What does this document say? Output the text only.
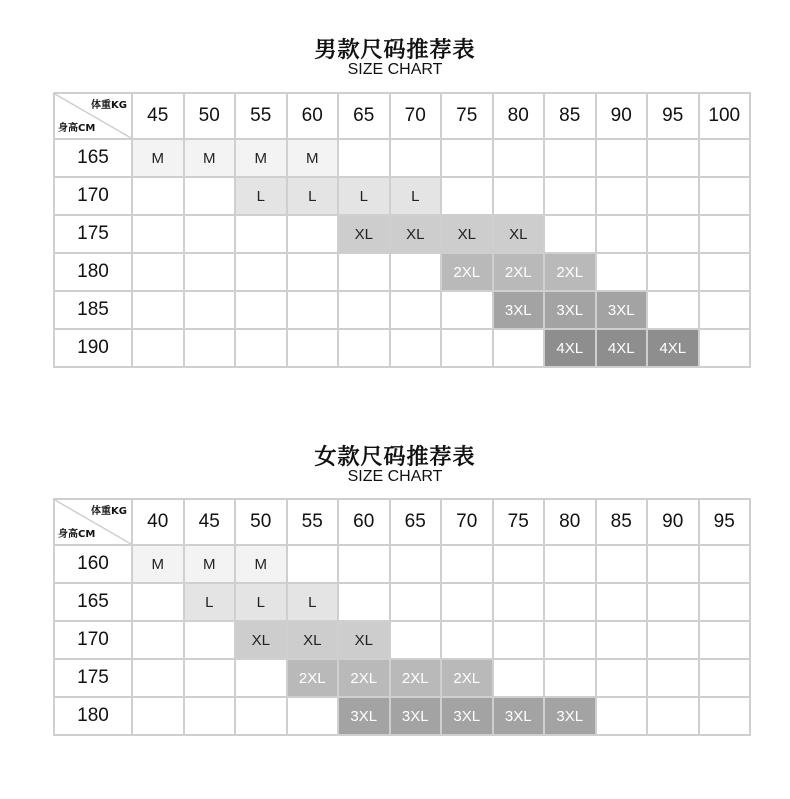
男款尺码推荐表
SIZE CHART
体重KG
身高CM	45	50	55	60	65	70	75	80	85	90	95	100
165	M	M	M	M								
170			L	L	L	L						
175					XL	XL	XL	XL				
180							2XL	2XL	2XL			
185								3XL	3XL	3XL		
190									4XL	4XL	4XL	
女款尺码推荐表
SIZE CHART
体重KG
身高CM	40	45	50	55	60	65	70	75	80	85	90	95
160	M	M	M									
165		L	L	L								
170			XL	XL	XL							
175				2XL	2XL	2XL	2XL					
180					3XL	3XL	3XL	3XL	3XL			
